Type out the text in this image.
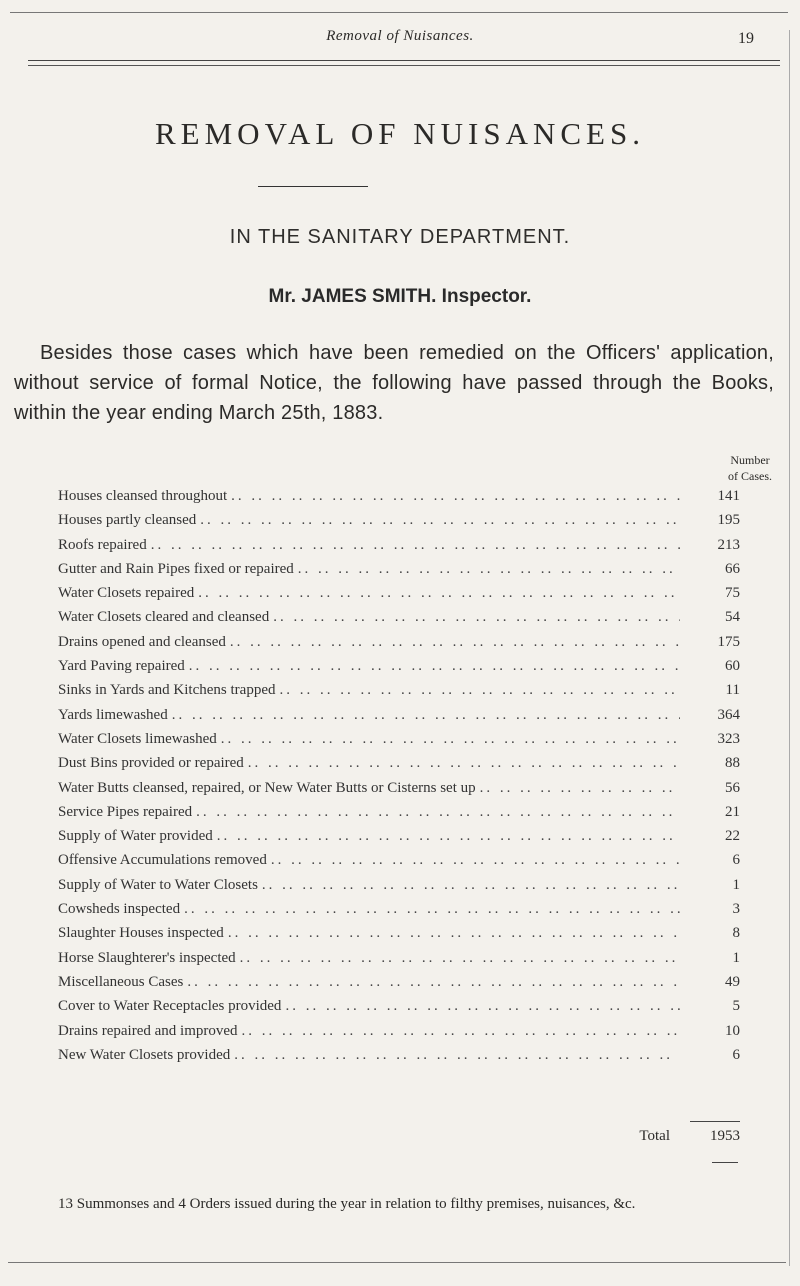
Removal of Nuisances.	19
REMOVAL OF NUISANCES.
IN THE SANITARY DEPARTMENT.
Mr. JAMES SMITH. Inspector.

Besides those cases which have been remedied on the Officers' application, without service of formal Notice, the following have passed through the Books, within the year ending March 25th, 1883.

Number
of Cases.
Houses cleansed throughout .. ..	141
Houses partly cleansed .. ..	195
Roofs repaired .. ..	213
Gutter and Rain Pipes fixed or repaired .. ..	66
Water Closets repaired .. ..	75
Water Closets cleared and cleansed .. ..	54
Drains opened and cleansed .. ..	175
Yard Paving repaired .. ..	60
Sinks in Yards and Kitchens trapped .. ..	11
Yards limewashed .. ..	364
Water Closets limewashed .. ..	323
Dust Bins provided or repaired .. ..	88
Water Butts cleansed, repaired, or New Water Butts or Cisterns set up .. ..	56
Service Pipes repaired .. ..	21
Supply of Water provided .. ..	22
Offensive Accumulations removed .. ..	6
Supply of Water to Water Closets .. ..	1
Cowsheds inspected .. ..	3
Slaughter Houses inspected .. ..	8
Horse Slaughterer's inspected .. ..	1
Miscellaneous Cases .. ..	49
Cover to Water Receptacles provided .. ..	5
Drains repaired and improved .. ..	10
New Water Closets provided .. ..	6
Total	1953

13 Summonses and 4 Orders issued during the year in relation to filthy premises, nuisances, &c.
